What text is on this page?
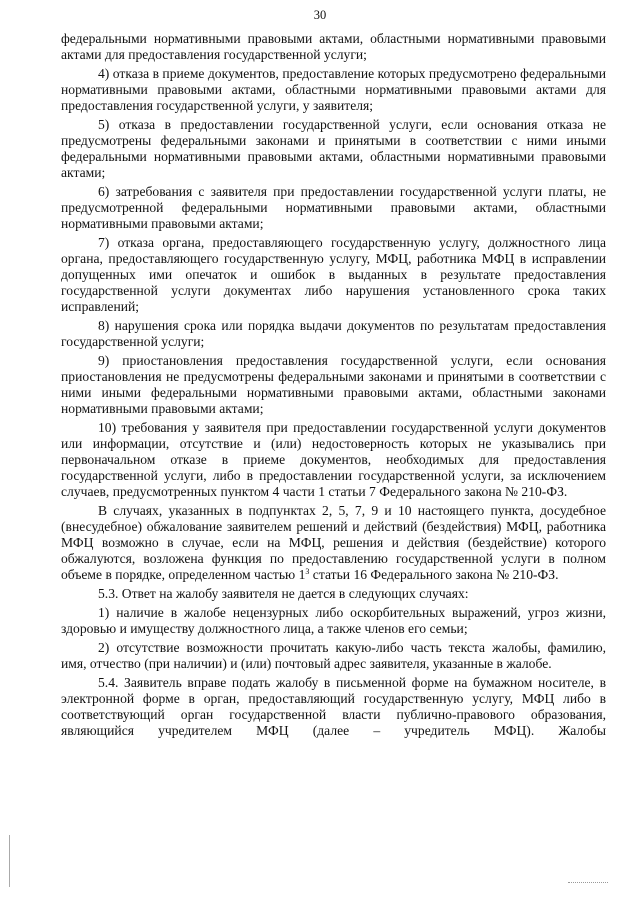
30

федеральными нормативными правовыми актами, областными нормативными правовыми актами для предоставления государственной услуги;

4) отказа в приеме документов, предоставление которых предусмотрено федеральными нормативными правовыми актами, областными нормативными правовыми актами для предоставления государственной услуги, у заявителя;

5) отказа в предоставлении государственной услуги, если основания отказа не предусмотрены федеральными законами и принятыми в соответствии с ними иными федеральными нормативными правовыми актами, областными нормативными правовыми актами;

6) затребования с заявителя при предоставлении государственной услуги платы, не предусмотренной федеральными нормативными правовыми актами, областными нормативными правовыми актами;

7) отказа органа, предоставляющего государственную услугу, должностного лица органа, предоставляющего государственную услугу, МФЦ, работника МФЦ в исправлении допущенных ими опечаток и ошибок в выданных в результате предоставления государственной услуги документах либо нарушения установленного срока таких исправлений;

8) нарушения срока или порядка выдачи документов по результатам предоставления государственной услуги;

9) приостановления предоставления государственной услуги, если основания приостановления не предусмотрены федеральными законами и принятыми в соответствии с ними иными федеральными нормативными правовыми актами, областными законами нормативными правовыми актами;

10) требования у заявителя при предоставлении государственной услуги документов или информации, отсутствие и (или) недостоверность которых не указывались при первоначальном отказе в приеме документов, необходимых для предоставления государственной услуги, либо в предоставлении государственной услуги, за исключением случаев, предусмотренных пунктом 4 части 1 статьи 7 Федерального закона № 210-ФЗ.

В случаях, указанных в подпунктах 2, 5, 7, 9 и 10 настоящего пункта, досудебное (внесудебное) обжалование заявителем решений и действий (бездействия) МФЦ, работника МФЦ возможно в случае, если на МФЦ, решения и действия (бездействие) которого обжалуются, возложена функция по предоставлению государственной услуги в полном объеме в порядке, определенном частью $1^3$ статьи 16 Федерального закона № 210-ФЗ.

5.3. Ответ на жалобу заявителя не дается в следующих случаях:

1) наличие в жалобе нецензурных либо оскорбительных выражений, угроз жизни, здоровью и имуществу должностного лица, а также членов его семьи;

2) отсутствие возможности прочитать какую-либо часть текста жалобы, фамилию, имя, отчество (при наличии) и (или) почтовый адрес заявителя, указанные в жалобе.

5.4. Заявитель вправе подать жалобу в письменной форме на бумажном носителе, в электронной форме в орган, предоставляющий государственную услугу, МФЦ либо в соответствующий орган государственной власти публично-правового образования, являющийся учредителем МФЦ (далее – учредитель МФЦ). Жалобы
